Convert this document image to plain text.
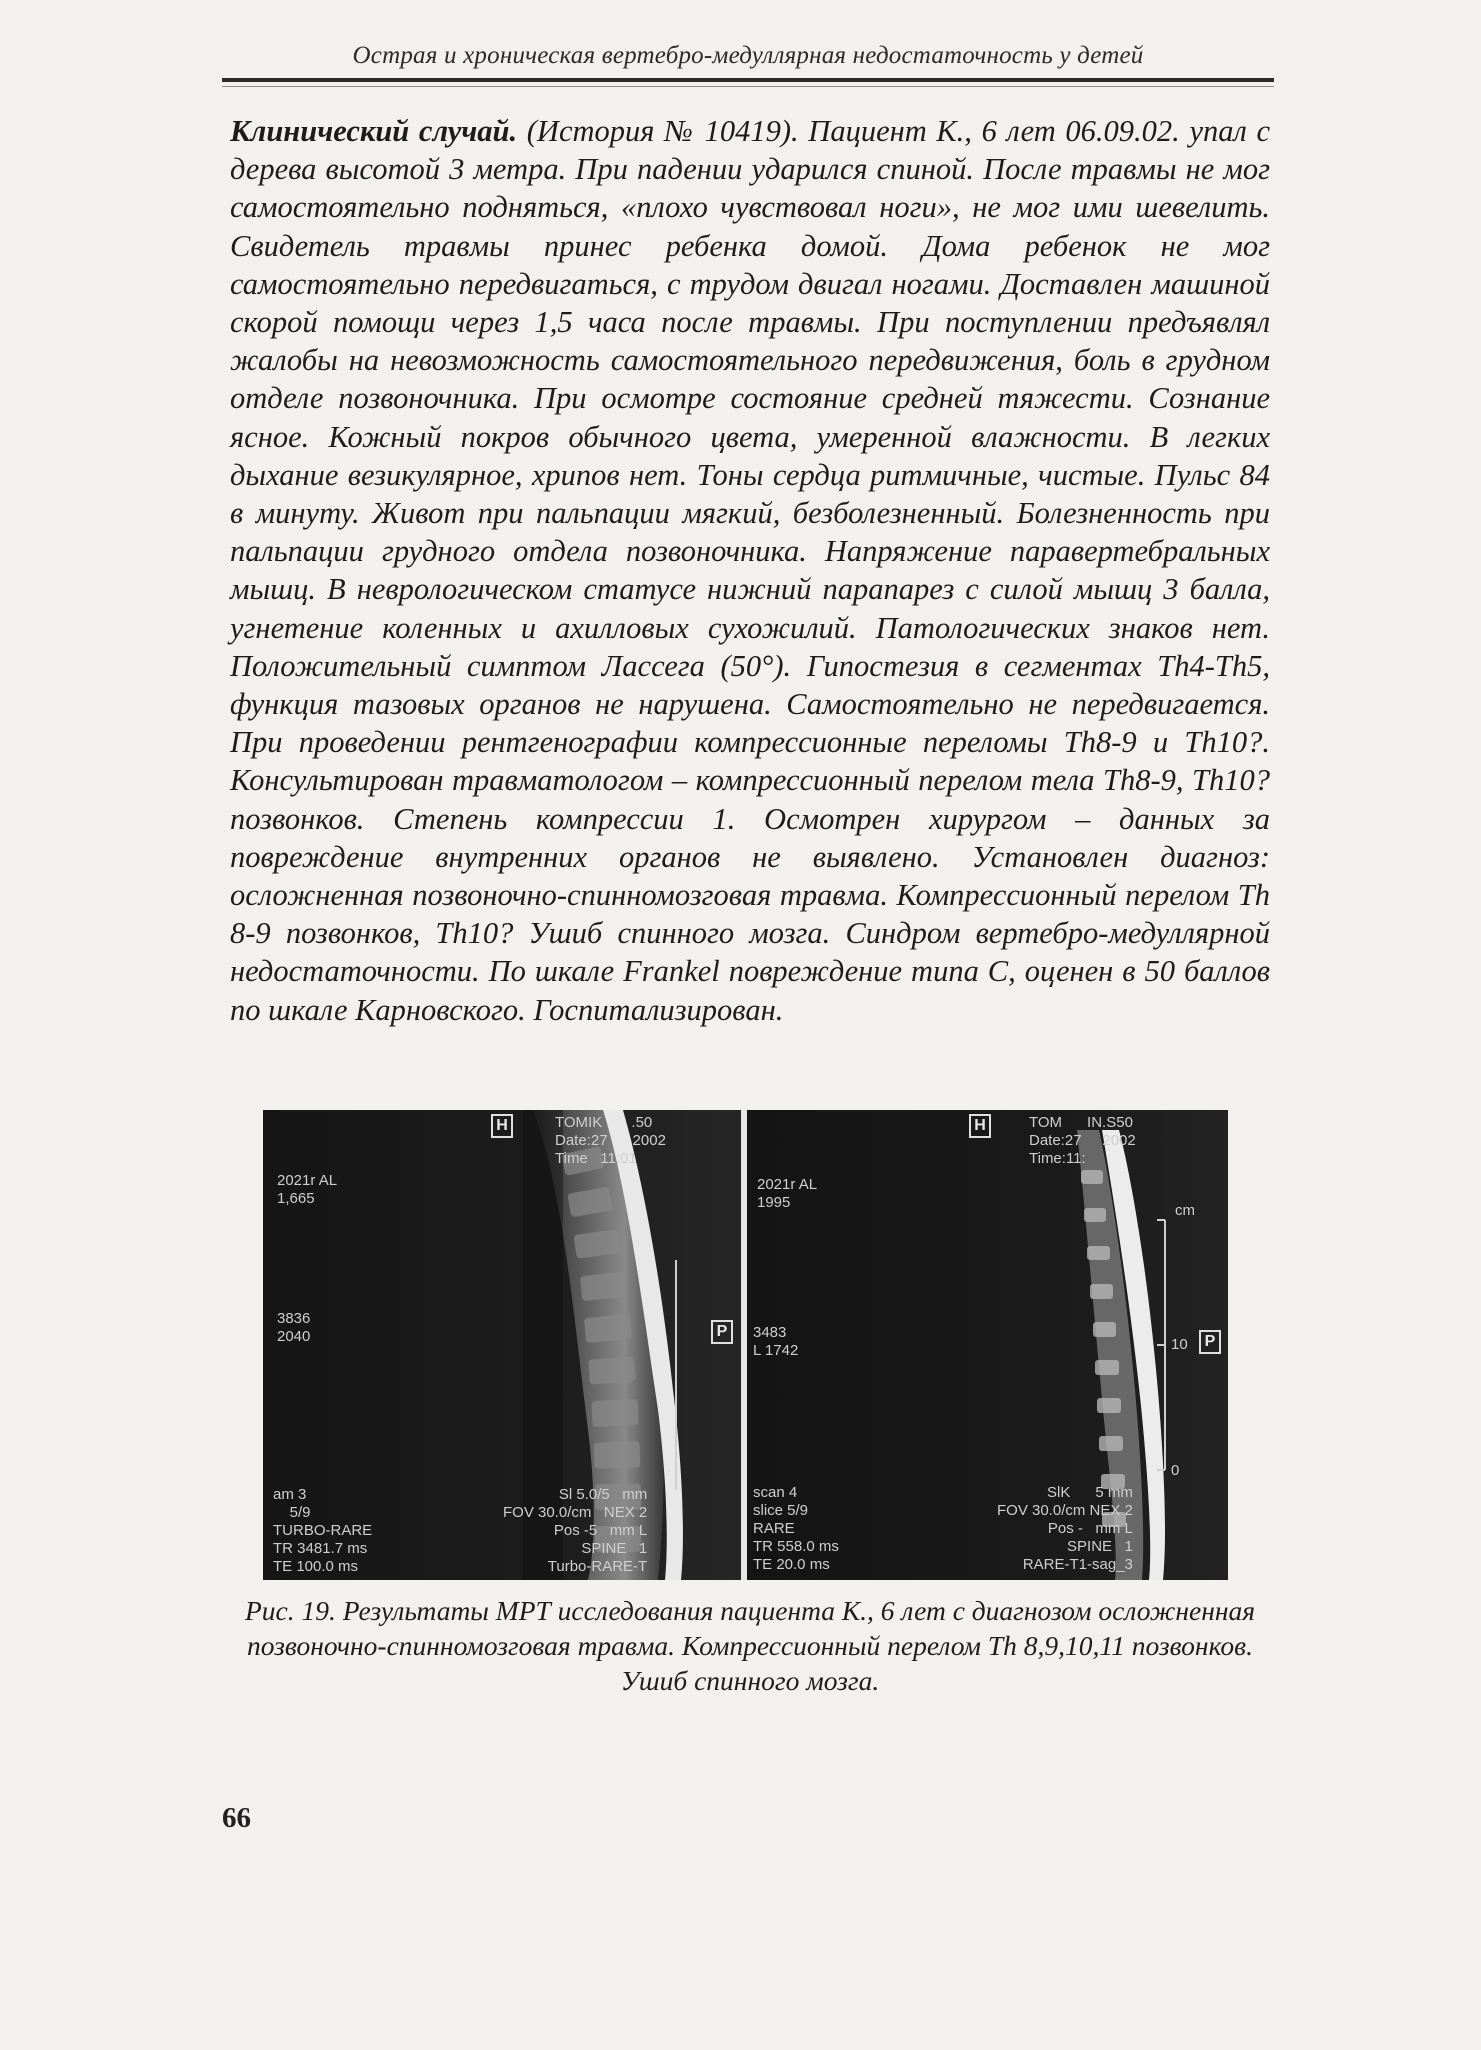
Острая и хроническая вертебро-медуллярная недостаточность у детей
Клинический случай. (История № 10419). Пациент К., 6 лет 06.09.02. упал с дерева высотой 3 метра. При падении ударился спиной. После травмы не мог самостоятельно подняться, «плохо чувствовал ноги», не мог ими шевелить. Свидетель травмы принес ребенка домой. Дома ребенок не мог самостоятельно передвигаться, с трудом двигал ногами. Доставлен машиной скорой помощи через 1,5 часа после травмы. При поступлении предъявлял жалобы на невозможность самостоятельного передвижения, боль в грудном отделе позвоночника. При осмотре состояние средней тяжести. Сознание ясное. Кожный покров обычного цвета, умеренной влажности. В легких дыхание везикулярное, хрипов нет. Тоны сердца ритмичные, чистые. Пульс 84 в минуту. Живот при пальпации мягкий, безболезненный. Болезненность при пальпации грудного отдела позвоночника. Напряжение паравертебральных мышц. В неврологическом статусе нижний парапарез с силой мышц 3 балла, угнетение коленных и ахилловых сухожилий. Патологических знаков нет. Положительный симптом Лассега (50°). Гипостезия в сегментах Th4-Th5, функция тазовых органов не нарушена. Самостоятельно не передвигается. При проведении рентгенографии компрессионные переломы Th8-9 и Th10?. Консультирован травматологом – компрессионный перелом тела Th8-9, Th10? позвонков. Степень компрессии 1. Осмотрен хирургом – данных за повреждение внутренних органов не выявлено. Установлен диагноз: осложненная позвоночно-спинномозговая травма. Компрессионный перелом Th 8-9 позвонков, Th10? Ушиб спинного мозга. Синдром вертебро-медуллярной недостаточности. По шкале Frankel повреждение типа С, оценен в 50 баллов по шкале Карновского. Госпитализирован.
H
P
TOMIK       .50
Date:27      2002
Time   11:01
2021r AL
1,665
3836
2040
am 3
5/9
TURBO-RARE
TR 3481.7 ms
TE 100.0 ms
Sl 5.0/5   mm
FOV 30.0/cm   NEX 2
Pos -5   mm L
SPINE   1
Turbo-RARE-T
H
P
TOM      IN.S50
Date:27     2002
Time:11:
2021r AL
1995
3483
L 1742
cm
10
0
scan 4
slice 5/9
RARE
TR 558.0 ms
TE 20.0 ms
SlK      5 mm
FOV 30.0/cm NEX 2
Pos -   mm L
SPINE   1
RARE-T1-sag_3
Рис. 19. Результаты МРТ исследования пациента К., 6 лет с диагнозом осложненная позвоночно-спинномозговая травма. Компрессионный перелом Th 8,9,10,11 позвонков. Ушиб спинного мозга.
66
